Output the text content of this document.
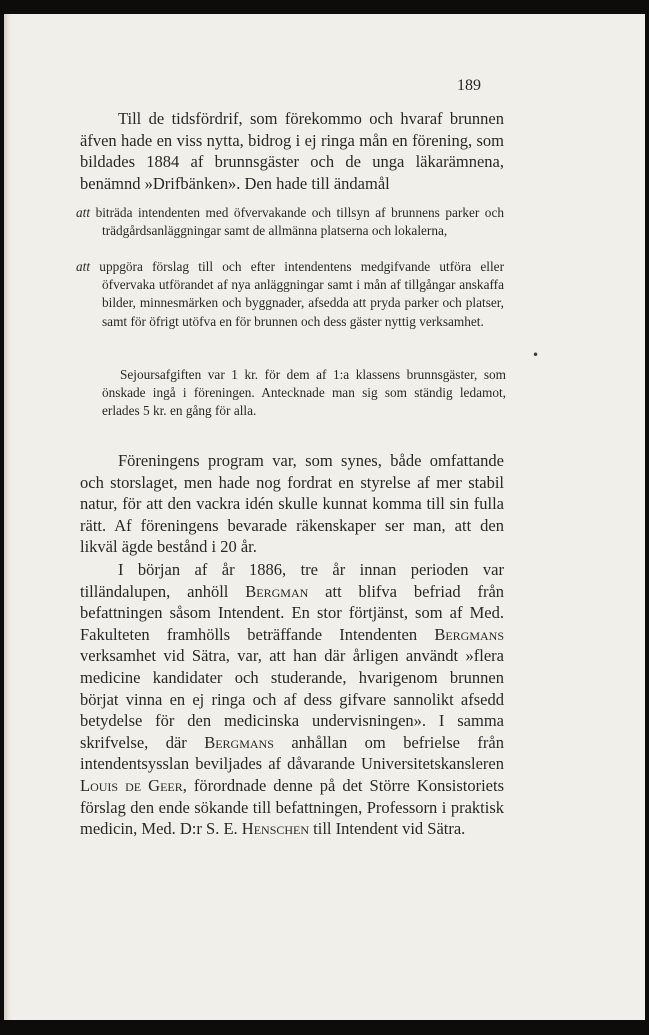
189

Till de tidsfördrif, som förekommo och hvaraf brunnen äfven hade en viss nytta, bidrog i ej ringa mån en förening, som bildades 1884 af brunnsgäster och de unga läkarämnena, benämnd »Drifbänken». Den hade till ändamål

att biträda intendenten med öfvervakande och tillsyn af brunnens parker och trädgårdsanläggningar samt de allmänna platserna och lokalerna,

att uppgöra förslag till och efter intendentens medgifvande utföra eller öfvervaka utförandet af nya anläggningar samt i mån af tillgångar anskaffa bilder, minnesmärken och byggnader, afsedda att pryda parker och platser, samt för öfrigt utöfva en för brunnen och dess gäster nyttig verksamhet.

•

Sejoursafgiften var 1 kr. för dem af 1:a klassens brunnsgäster, som önskade ingå i föreningen. Antecknade man sig som ständig ledamot, erlades 5 kr. en gång för alla.

Föreningens program var, som synes, både omfattande och storslaget, men hade nog fordrat en styrelse af mer stabil natur, för att den vackra idén skulle kunnat komma till sin fulla rätt. Af föreningens bevarade räkenskaper ser man, att den likväl ägde bestånd i 20 år.

I början af år 1886, tre år innan perioden var tilländalupen, anhöll Bergman att blifva befriad från befattningen såsom Intendent. En stor förtjänst, som af Med. Fakulteten framhölls beträffande Intendenten Bergmans verksamhet vid Sätra, var, att han där årligen användt »flera medicine kandidater och studerande, hvarigenom brunnen börjat vinna en ej ringa och af dess gifvare sannolikt afsedd betydelse för den medicinska undervisningen». I samma skrifvelse, där Bergmans anhållan om befrielse från intendentsysslan beviljades af dåvarande Universitetskansleren Louis de Geer, förordnade denne på det Större Konsistoriets förslag den ende sökande till befattningen, Professorn i praktisk medicin, Med. D:r S. E. Henschen till Intendent vid Sätra.
